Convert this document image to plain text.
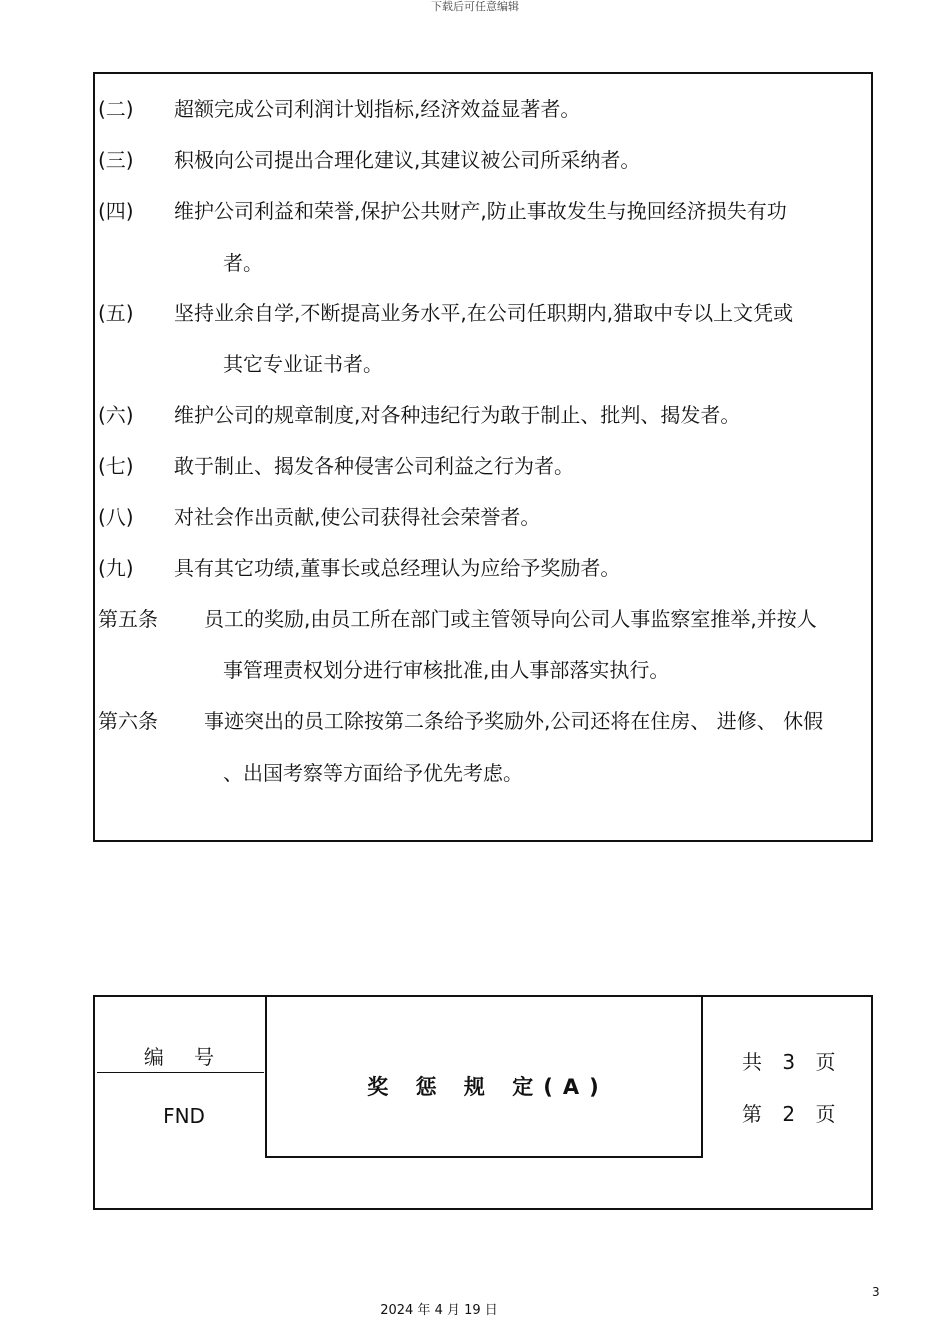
下载后可任意编辑
(二) 超额完成公司利润计划指标,经济效益显著者。
(三) 积极向公司提出合理化建议,其建议被公司所采纳者。
(四) 维护公司利益和荣誉,保护公共财产,防止事故发生与挽回经济损失有功
者。
(五) 坚持业余自学,不断提高业务水平,在公司任职期内,猎取中专以上文凭或
其它专业证书者。
(六) 维护公司的规章制度,对各种违纪行为敢于制止、批判、揭发者。
(七) 敢于制止、揭发各种侵害公司利益之行为者。
(八) 对社会作出贡献,使公司获得社会荣誉者。
(九) 具有其它功绩,董事长或总经理认为应给予奖励者。
第五条 员工的奖励,由员工所在部门或主管领导向公司人事监察室推举,并按人
事管理责权划分进行审核批准,由人事部落实执行。
第六条 事迹突出的员工除按第二条给予奖励外,公司还将在住房、 进修、 休假
、出国考察等方面给予优先考虑。
编 号
FND
奖 惩 规 定(A)
共 3 页
第 2 页
3
2024 年 4 月 19 日
